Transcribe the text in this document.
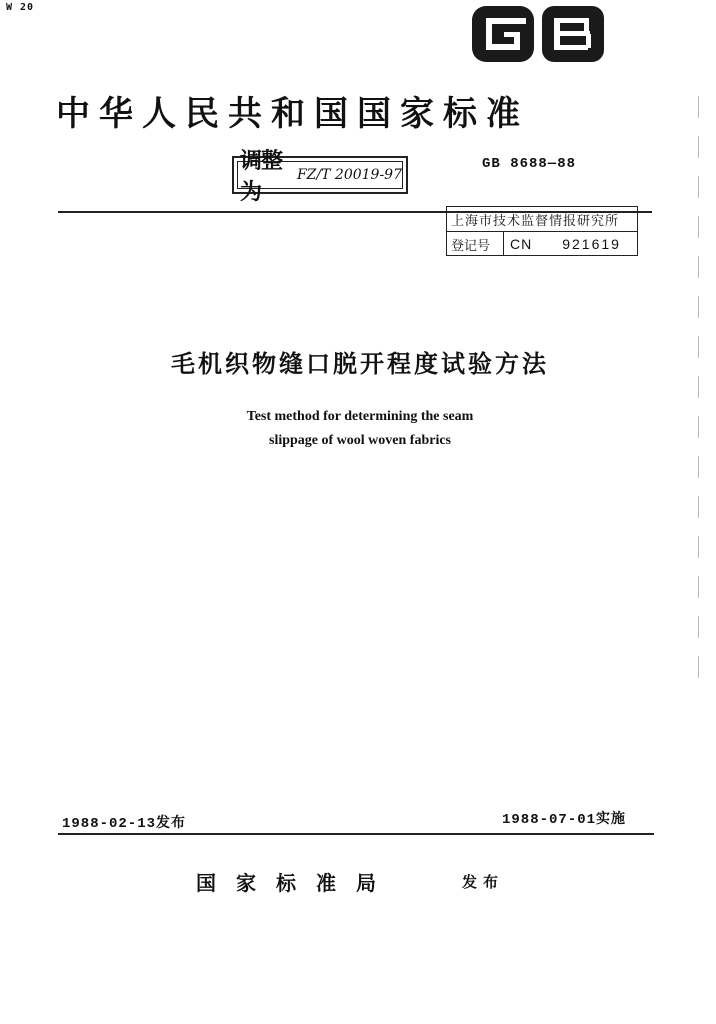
W 20
中华人民共和国国家标准
调整为
FZ/T 20019-97
GB 8688—88
上海市技术监督情报研究所
登记号	CN	921619
毛机织物缝口脱开程度试验方法
Test method for determining the seam
slippage of wool woven fabrics
1988-02-13发布	1988-07-01实施
国家标准局	发布
